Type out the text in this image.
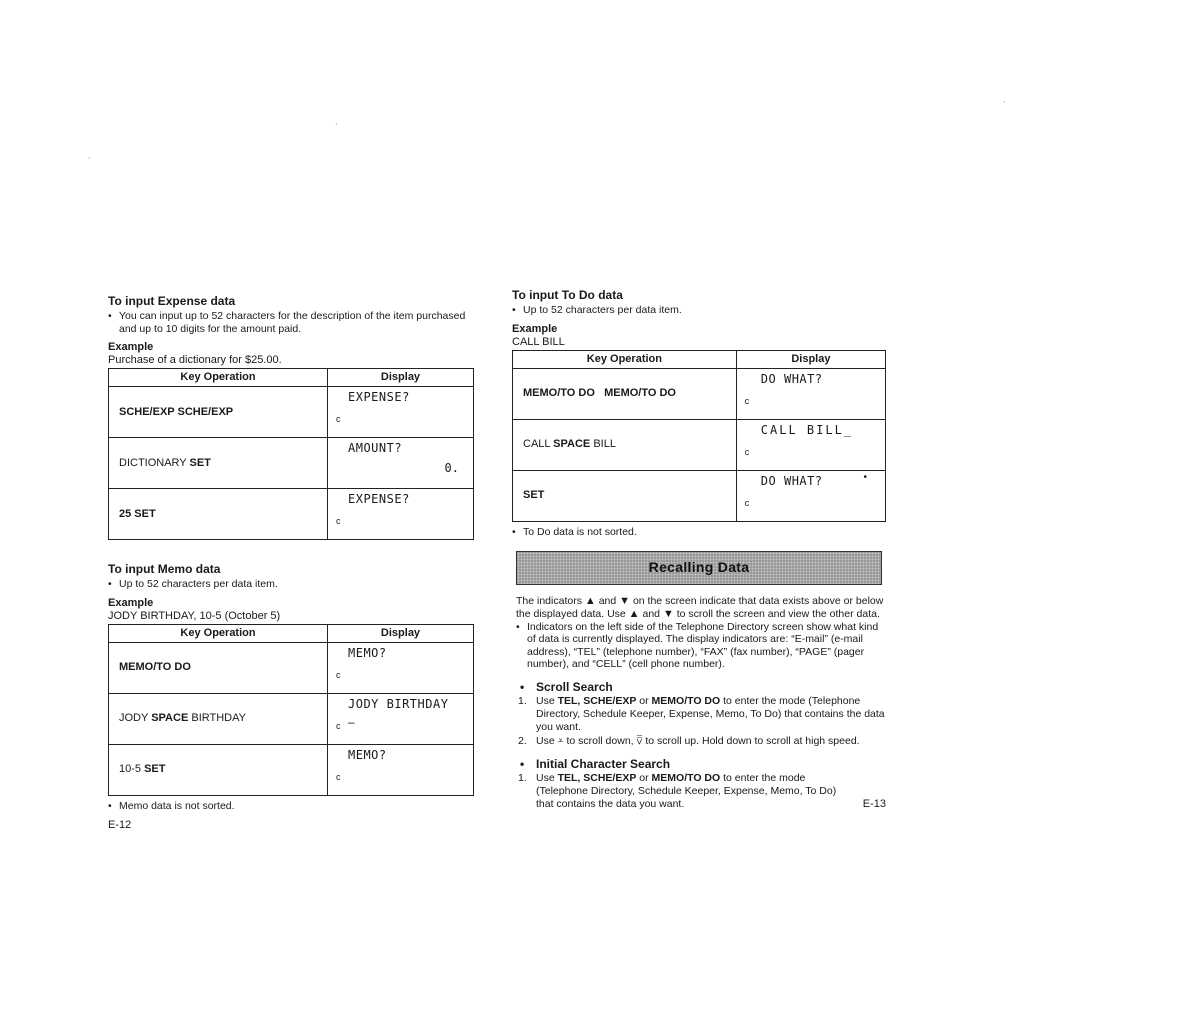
⋅
⋅
⋅
To input Expense data
• You can input up to 52 characters for the description of the item purchased and up to 10 digits for the amount paid.
Example
Purchase of a dictionary for $25.00.
Key Operation	Display
SCHE/EXP SCHE/EXP	EXPENSE?
c

DICTIONARY SET	AMOUNT?
0.

25 SET	EXPENSE?
c
To input Memo data
• Up to 52 characters per data item.
Example
JODY BIRTHDAY, 10-5 (October 5)
Key Operation	Display
MEMO/TO DO	MEMO?
c

JODY SPACE BIRTHDAY	JODY BIRTHDAY
c –

10-5 SET	MEMO?
c
• Memo data is not sorted.
E-12
To input To Do data
• Up to 52 characters per data item.
Example
CALL BILL
Key Operation	Display
MEMO/TO DO   MEMO/TO DO	DO WHAT?
c

CALL SPACE BILL	CALL BILL_
c

SET	DO WHAT?
c
•
• To Do data is not sorted.
Recalling Data
The indicators ▲ and ▼ on the screen indicate that data exists above or below the displayed data. Use ▲ and ▼ to scroll the screen and view the other data.
• Indicators on the left side of the Telephone Directory screen show what kind of data is currently displayed. The display indicators are: “E-mail” (e-mail address), “TEL” (telephone number), “FAX” (fax number), “PAGE” (pager number), and “CELL” (cell phone number).
• Scroll Search
1. Use TEL, SCHE/EXP or MEMO/TO DO to enter the mode (Telephone Directory, Schedule Keeper, Expense, Memo, To Do) that contains the data you want.
2. Use ⩡ to scroll down, ⩢ to scroll up. Hold down to scroll at high speed.
• Initial Character Search
1. Use TEL, SCHE/EXP or MEMO/TO DO to enter the mode (Telephone Directory, Schedule Keeper, Expense, Memo, To Do) that contains the data you want.	E-13
